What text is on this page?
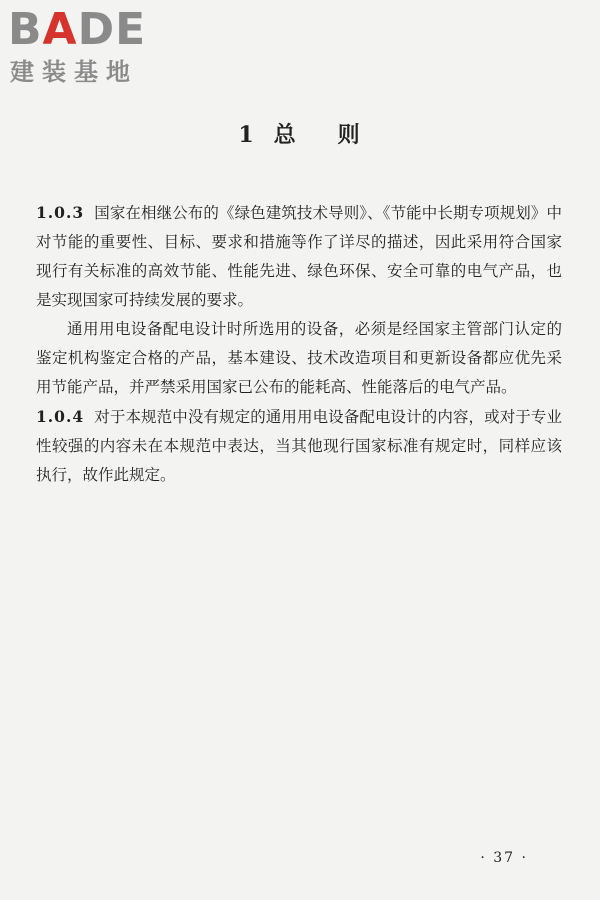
BADE
建装基地
1 总 则

1.0.3 国家在相继公布的《绿色建筑技术导则》、《节能中长期专项规划》中对节能的重要性、目标、要求和措施等作了详尽的描述，因此采用符合国家现行有关标准的高效节能、性能先进、绿色环保、安全可靠的电气产品，也是实现国家可持续发展的要求。

通用用电设备配电设计时所选用的设备，必须是经国家主管部门认定的鉴定机构鉴定合格的产品，基本建设、技术改造项目和更新设备都应优先采用节能产品，并严禁采用国家已公布的能耗高、性能落后的电气产品。

1.0.4 对于本规范中没有规定的通用用电设备配电设计的内容，或对于专业性较强的内容未在本规范中表达，当其他现行国家标准有规定时，同样应该执行，故作此规定。

· 37 ·
